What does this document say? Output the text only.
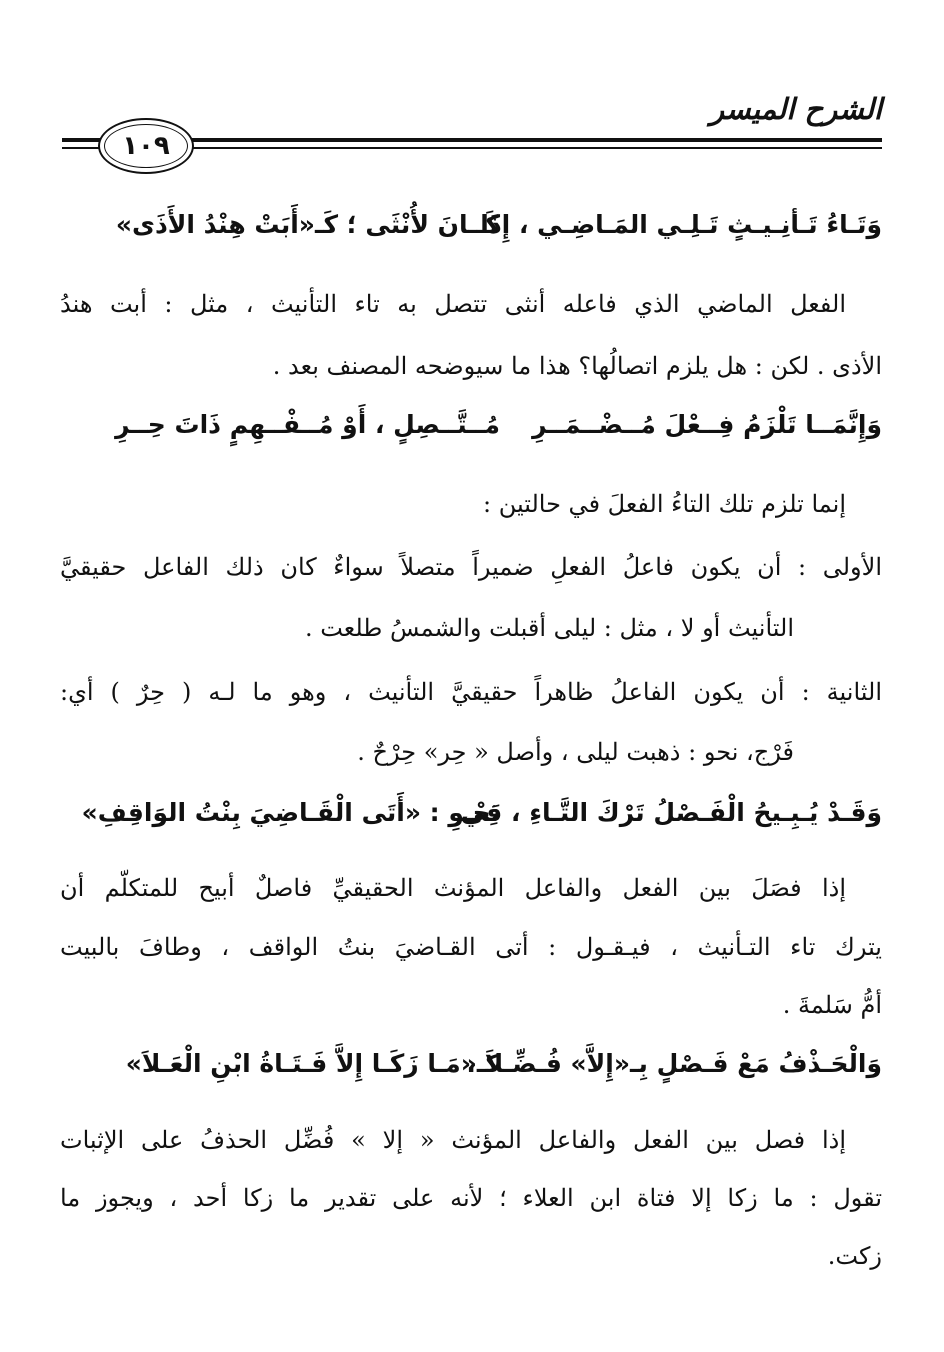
الشرح الميسر
١٠٩
وَتَـاءُ تَـأنِـيـثٍ تَـلِـي المَـاضِـي ، إِذَا
كَــانَ لأُنْثَى ؛ كَـ«أَبَتْ هِنْدُ الأَذَى»
الفعل الماضي الذي فاعله أنثى تتصل به تاء التأنيث ، مثل : أبت هندُ
الأذى . لكن : هل يلزم اتصالُها؟ هذا ما سيوضحه المصنف بعد .
وَإِنَّمَــا تَلْزَمُ فِــعْلَ مُــضْــمَــرِ
مُــتَّــصِلٍ ، أَوْ مُــفْــهِمٍ ذَاتَ حِــرِ
إنما تلزم تلك التاءُ الفعلَ في حالتين :
الأولى : أن يكون فاعلُ الفعلِ ضميراً متصلاً سواءٌ كان ذلك الفاعل حقيقيَّ
التأنيث أو لا ، مثل : ليلى أقبلت والشمسُ طلعت .
الثانية : أن يكون الفاعلُ ظاهراً حقيقيَّ التأنيث ، وهو ما لـه ( حِرٌ ) أي:
فَرْج، نحو : ذهبت ليلى ، وأصل « حِر» حِرْحٌ .
وَقَـدْ يُـبِـيحُ الْفَـصْلُ تَرْكَ التَّـاءِ ، فِي
نَحْـوِ : «أَتَى الْقَـاضِيَ بِنْتُ الوَاقِفِ»
إذا فصَلَ بين الفعل والفاعل المؤنث الحقيقيِّ فاصلٌ أبيح للمتكلّم أن
يترك تاء التـأنيث ، فيـقـول : أتى القـاضيَ بنتُ الواقف ، وطافَ بالبيت
أمُّ سَلمةَ .
وَالْحَـذْفُ مَعْ فَـصْلٍ بِـ«إِلاَّ» فُـضِّـلا ،
كَـ«مَـا زَكَـا إِلاَّ فَـتَـاةُ ابْنِ الْعَـلاَ»
إذا فصل بين الفعل والفاعل المؤنث « إلا » فُضِّل الحذفُ على الإثبات
تقول : ما زكا إلا فتاة ابن العلاء ؛ لأنه على تقدير ما زكا أحد ، ويجوز ما
زكت.
